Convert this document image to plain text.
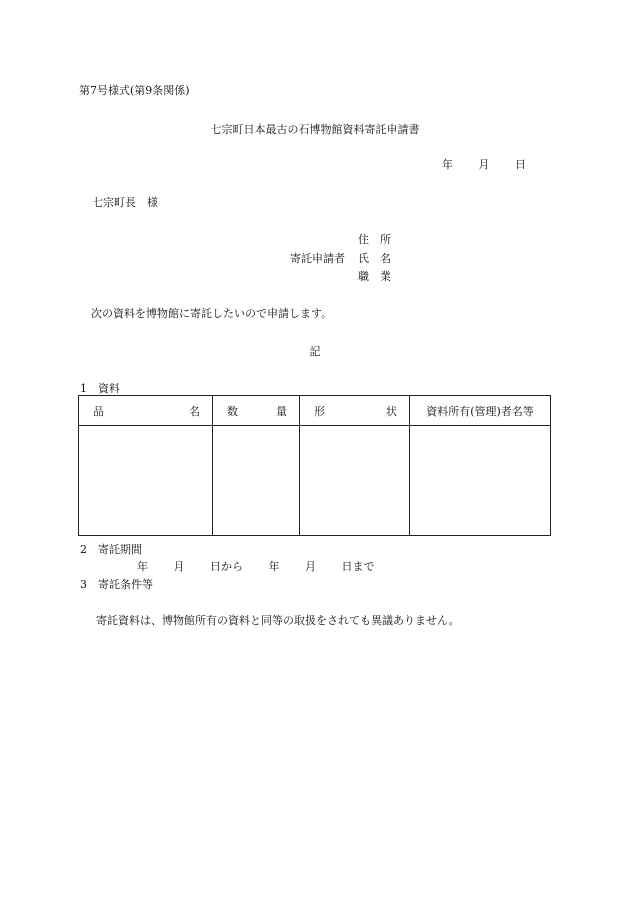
第7号様式(第9条関係)
七宗町日本最古の石博物館資料寄託申請書
年 月 日
七宗町長　様
寄託申請者
住　所
氏　名
職　業
次の資料を博物館に寄託したいので申請します。
記
1　資料
品 名	数 量	形 状	資料所有(管理)者名等

2　寄託期間
年 月 日から 年 月 日まで
3　寄託条件等
寄託資料は、博物館所有の資料と同等の取扱をされても異議ありません。
